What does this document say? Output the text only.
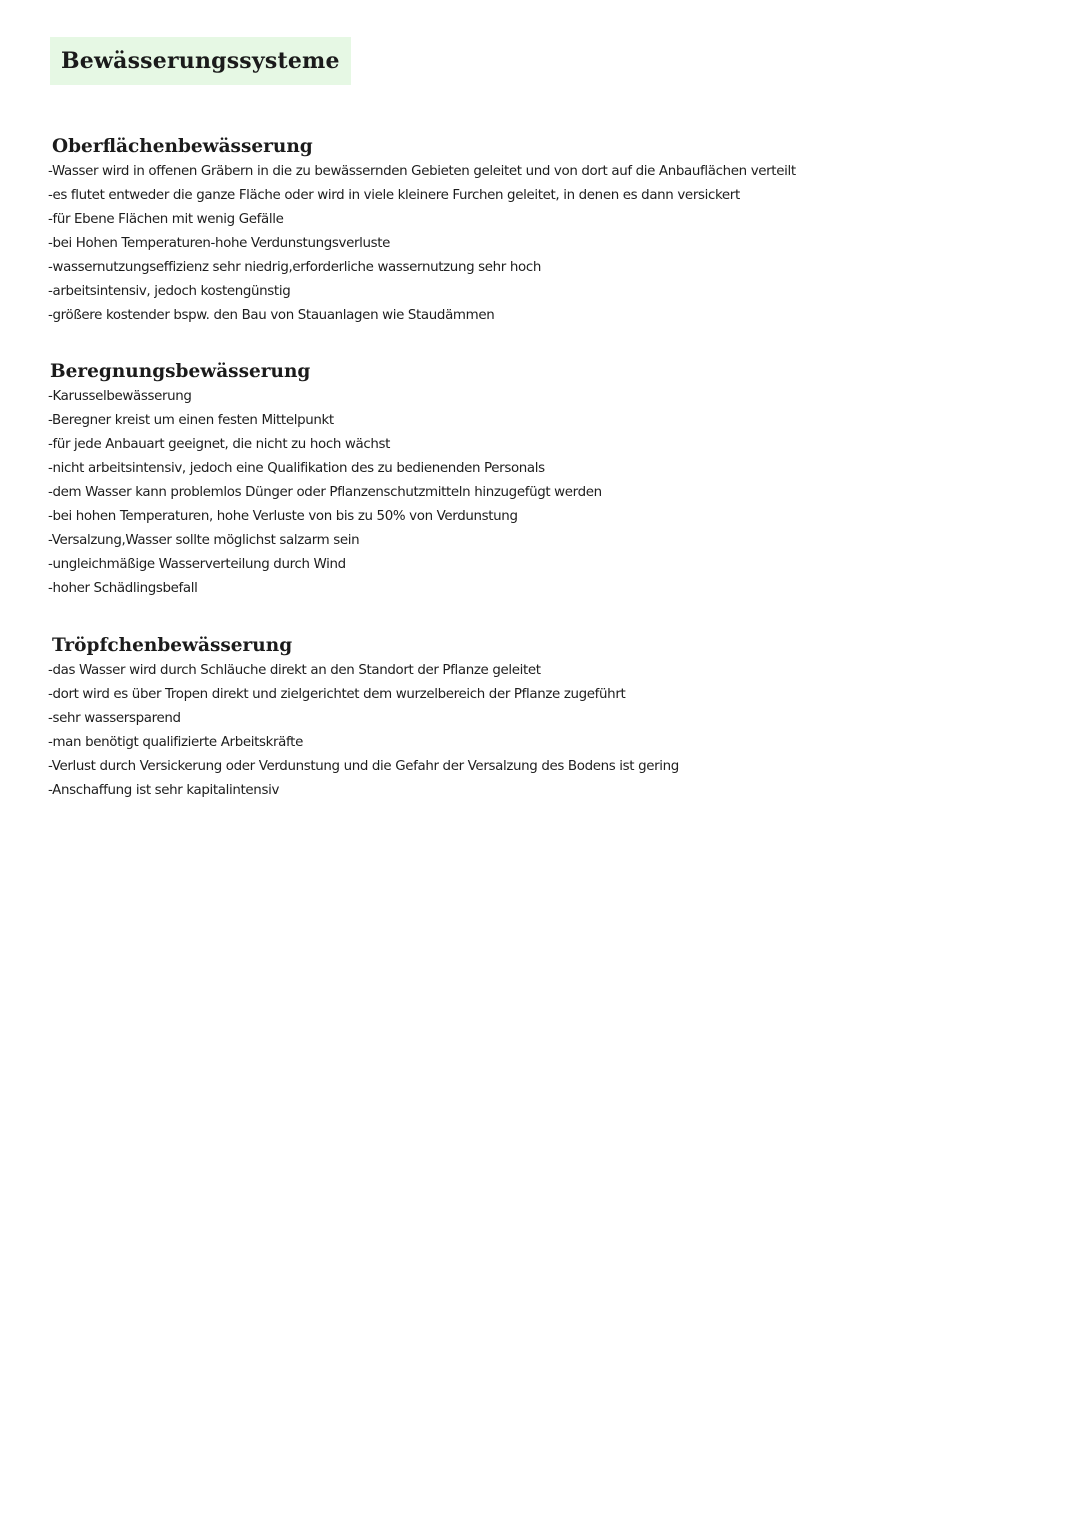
Bewässerungssysteme
Oberflächenbewässerung
-Wasser wird in offenen Gräbern in die zu bewässernden Gebieten geleitet und von dort auf die Anbauflächen verteilt
-es flutet entweder die ganze Fläche oder wird in viele kleinere Furchen geleitet, in denen es dann versickert
-für Ebene Flächen mit wenig Gefälle
-bei Hohen Temperaturen-hohe Verdunstungsverluste
-wassernutzungseffizienz sehr niedrig,erforderliche wassernutzung sehr hoch
-arbeitsintensiv, jedoch kostengünstig
-größere kostender bspw. den Bau von Stauanlagen wie Staudämmen
Beregnungsbewässerung
-Karusselbewässerung
-Beregner kreist um einen festen Mittelpunkt
-für jede Anbauart geeignet, die nicht zu hoch wächst
-nicht arbeitsintensiv, jedoch eine Qualifikation des zu bedienenden Personals
-dem Wasser kann problemlos Dünger oder Pflanzenschutzmitteln hinzugefügt werden
-bei hohen Temperaturen, hohe Verluste von bis zu 50% von Verdunstung
-Versalzung,Wasser sollte möglichst salzarm sein
-ungleichmäßige Wasserverteilung durch Wind
-hoher Schädlingsbefall
Tröpfchenbewässerung
-das Wasser wird durch Schläuche direkt an den Standort der Pflanze geleitet
-dort wird es über Tropen direkt und zielgerichtet dem wurzelbereich der Pflanze zugeführt
-sehr wassersparend
-man benötigt qualifizierte Arbeitskräfte
-Verlust durch Versickerung oder Verdunstung und die Gefahr der Versalzung des Bodens ist gering
-Anschaffung ist sehr kapitalintensiv
